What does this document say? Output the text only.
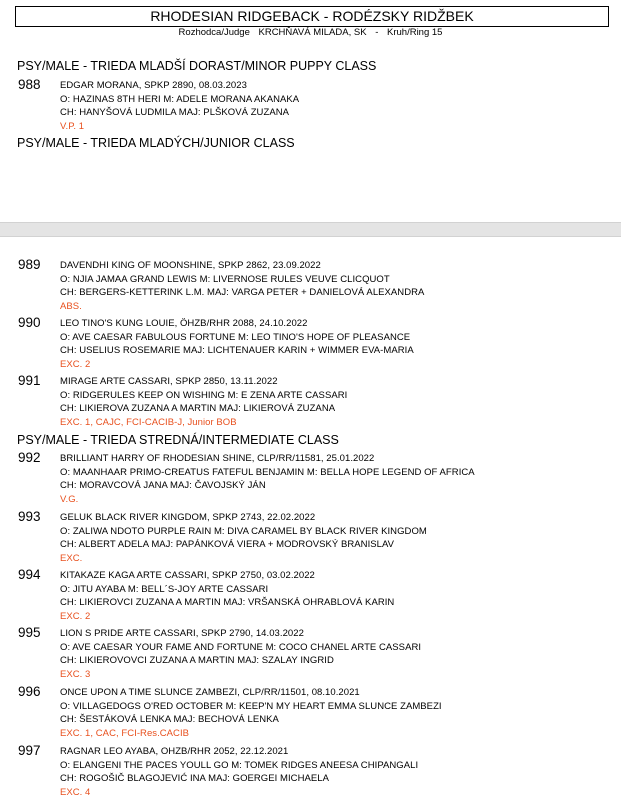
RHODESIAN RIDGEBACK - RODÉZSKY RIDŽBEK
Rozhodca/Judge KRCHŇAVÁ MILADA, SK - Kruh/Ring 15
PSY/MALE - TRIEDA MLADŠÍ DORAST/MINOR PUPPY CLASS
988 EDGAR MORANA, SPKP 2890, 08.03.2023
O: HAZINAS 8TH HERI M: ADELE MORANA AKANAKA
CH: HANYŠOVÁ LUDMILA MAJ: PLŠKOVÁ ZUZANA
V.P. 1
PSY/MALE - TRIEDA MLADÝCH/JUNIOR CLASS
989 DAVENDHI KING OF MOONSHINE, SPKP 2862, 23.09.2022
O: NJIA JAMAA GRAND LEWIS M: LIVERNOSE RULES VEUVE CLICQUOT
CH: BERGERS-KETTERINK L.M. MAJ: VARGA PETER + DANIELOVÁ ALEXANDRA
ABS.
990 LEO TINO'S KUNG LOUIE, ÖHZB/RHR 2088, 24.10.2022
O: AVE CAESAR FABULOUS FORTUNE M: LEO TINO'S HOPE OF PLEASANCE
CH: USELIUS ROSEMARIE MAJ: LICHTENAUER KARIN + WIMMER EVA-MARIA
EXC. 2
991 MIRAGE ARTE CASSARI, SPKP 2850, 13.11.2022
O: RIDGERULES KEEP ON WISHING M: E ZENA ARTE CASSARI
CH: LIKIEROVA ZUZANA A MARTIN MAJ: LIKIEROVÁ ZUZANA
EXC. 1, CAJC, FCI-CACIB-J, Junior BOB
PSY/MALE - TRIEDA STREDNÁ/INTERMEDIATE CLASS
992 BRILLIANT HARRY OF RHODESIAN SHINE, CLP/RR/11581, 25.01.2022
O: MAANHAAR PRIMO-CREATUS FATEFUL BENJAMIN M: BELLA HOPE LEGEND OF AFRICA
CH: MORAVCOVÁ JANA MAJ: ČAVOJSKÝ JÁN
V.G.
993 GELUK BLACK RIVER KINGDOM, SPKP 2743, 22.02.2022
O: ZALIWA NDOTO PURPLE RAIN M: DIVA CARAMEL BY BLACK RIVER KINGDOM
CH: ALBERT ADELA MAJ: PAPÁNKOVÁ VIERA + MODROVSKÝ BRANISLAV
EXC.
994 KITAKAZE KAGA ARTE CASSARI, SPKP 2750, 03.02.2022
O: JITU AYABA M: BELL´S-JOY ARTE CASSARI
CH: LIKIEROVCI ZUZANA A MARTIN MAJ: VRŠANSKÁ OHRABLOVÁ KARIN
EXC. 2
995 LION S PRIDE ARTE CASSARI, SPKP 2790, 14.03.2022
O: AVE CAESAR YOUR FAME AND FORTUNE M: COCO CHANEL ARTE CASSARI
CH: LIKIEROVOVCI ZUZANA A MARTIN MAJ: SZALAY INGRID
EXC. 3
996 ONCE UPON A TIME SLUNCE ZAMBEZI, CLP/RR/11501, 08.10.2021
O: VILLAGEDOGS O'RED OCTOBER M: KEEP'N MY HEART EMMA SLUNCE ZAMBEZI
CH: ŠESTÁKOVÁ LENKA MAJ: BECHOVÁ LENKA
EXC. 1, CAC, FCI-Res.CACIB
997 RAGNAR LEO AYABA, OHZB/RHR 2052, 22.12.2021
O: ELANGENI THE PACES YOULL GO M: TOMEK RIDGES ANEESA CHIPANGALI
CH: ROGOŠIČ BLAGOJEVIĆ INA MAJ: GOERGEI MICHAELA
EXC. 4
